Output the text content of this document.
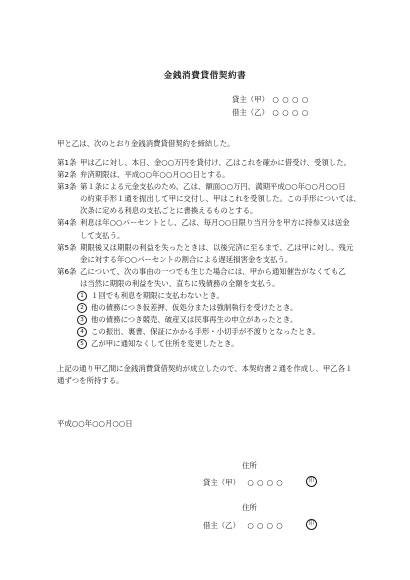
金銭消費貸借契約書
貸主（甲） ○○○○
借主（乙） ○○○○
甲と乙は、次のとおり金銭消費貸借契約を締結した。
第1条 甲は乙に対し、本日、金○○万円を貸付け、乙はこれを確かに借受け、受領した。
第2条 弁済期限は、平成○○年○○月○○日とする。
第3条 第１条による元金支払のため、乙は、額面○○万円、満期平成○○年○○月○○日
の約束手形１通を振出して甲に交付し、甲はこれを受領した。この手形については、
次条に定める利息の支払ごとに書換えるものとする。
第4条 利息は年○○パーセントとし、乙は、毎月○○日限り当月分を甲方に持参又は送金
して支払う。
第5条 期限後又は期限の利益を失ったときは、以後完済に至るまで、乙は甲に対し、残元
金に対する年○○パーセントの割合による遅延損害金を支払う。
第6条 乙について、次の事由の一つでも生じた場合には、甲から通知催告がなくても乙
は当然に期限の利益を失い、直ちに残債務の全額を支払う。
1 １回でも利息を期限に支払わないとき。
2 他の債務につき仮差押、仮処分または強制執行を受けたとき。
3 他の債務につき競売、破産又は民事再生の申立があったとき。
4 この振出、裏書、保証にかかる手形・小切手が不渡りとなったとき。
5 乙が甲に通知なくして住所を変更したとき。
上記の通り甲乙間に金銭消費貸借契約が成立したので、本契約書２通を作成し、甲乙各１
通ずつを所持する。
平成○○年○○月○○日
住所
貸主（甲） ○○○○	印
住所
借主（乙） ○○○○	印
